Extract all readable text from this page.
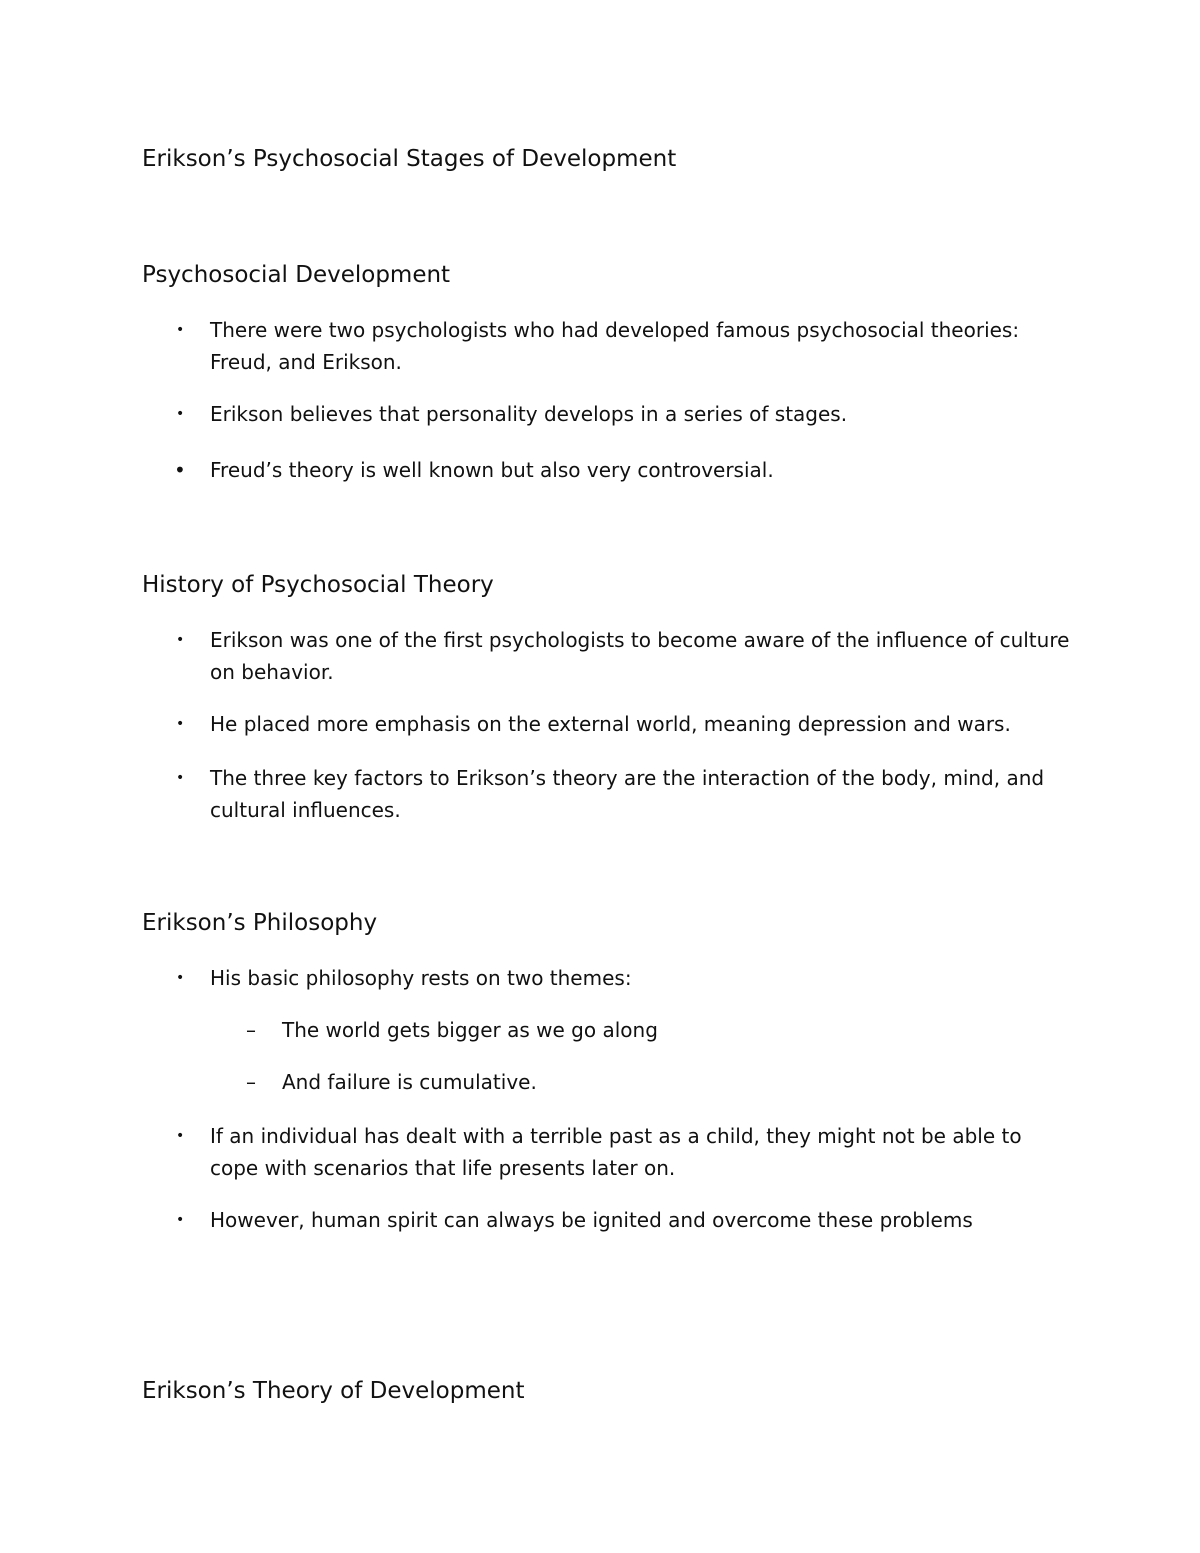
Erikson’s Psychosocial Stages of Development
Psychosocial Development
•	There were two psychologists who had developed famous psychosocial theories: Freud, and Erikson.
•	Erikson believes that personality develops in a series of stages.
•	Freud’s theory is well known but also very controversial.
History of Psychosocial Theory
•	Erikson was one of the first psychologists to become aware of the influence of culture on behavior.
•	He placed more emphasis on the external world, meaning depression and wars.
•	The three key factors to Erikson’s theory are the interaction of the body, mind, and cultural influences.
Erikson’s Philosophy
•	His basic philosophy rests on two themes:
–	The world gets bigger as we go along
–	And failure is cumulative.
•	If an individual has dealt with a terrible past as a child, they might not be able to cope with scenarios that life presents later on.
•	However, human spirit can always be ignited and overcome these problems
Erikson’s Theory of Development
